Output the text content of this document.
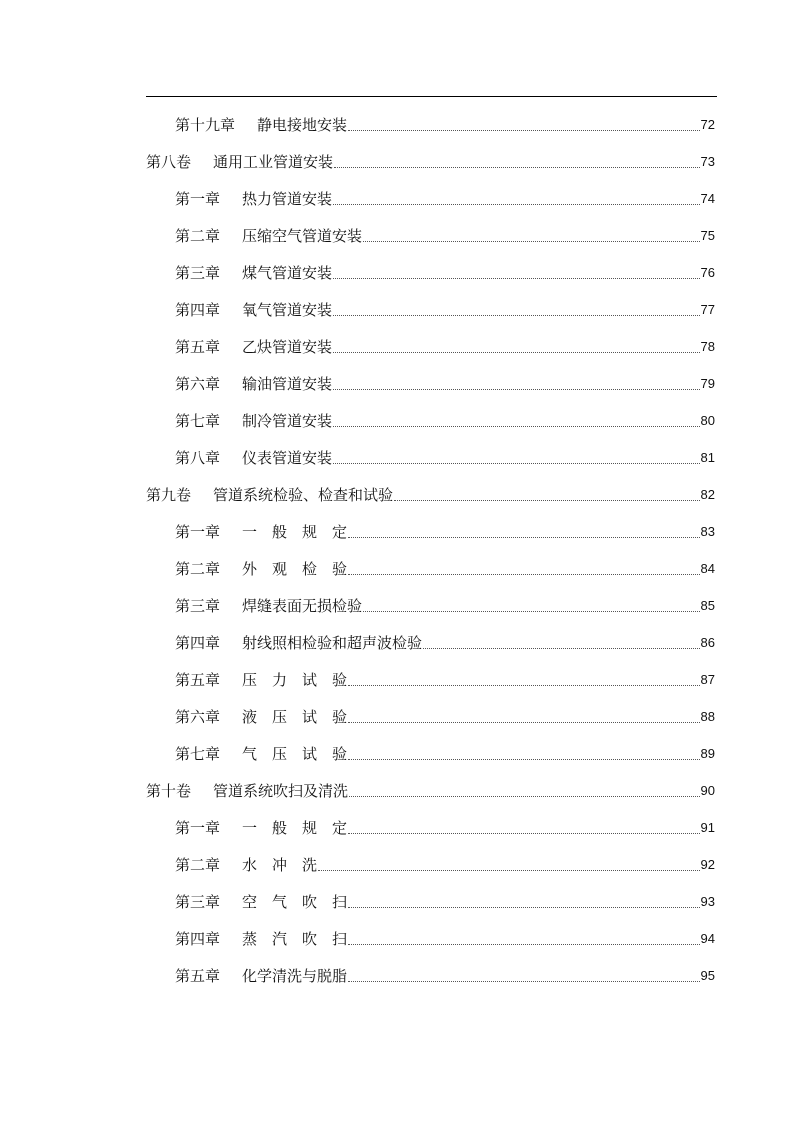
第十九章 静电接地安装	72
第八卷 通用工业管道安装	73
第一章 热力管道安装	74
第二章 压缩空气管道安装	75
第三章 煤气管道安装	76
第四章 氧气管道安装	77
第五章 乙炔管道安装	78
第六章 输油管道安装	79
第七章 制冷管道安装	80
第八章 仪表管道安装	81
第九卷 管道系统检验、检查和试验	82
第一章 一　般　规　定	83
第二章 外　观　检　验	84
第三章 焊缝表面无损检验	85
第四章 射线照相检验和超声波检验	86
第五章 压　力　试　验	87
第六章 液　压　试　验	88
第七章 气　压　试　验	89
第十卷 管道系统吹扫及清洗	90
第一章 一　般　规　定	91
第二章 水　冲　洗	92
第三章 空　气　吹　扫	93
第四章 蒸　汽　吹　扫	94
第五章 化学清洗与脱脂	95
